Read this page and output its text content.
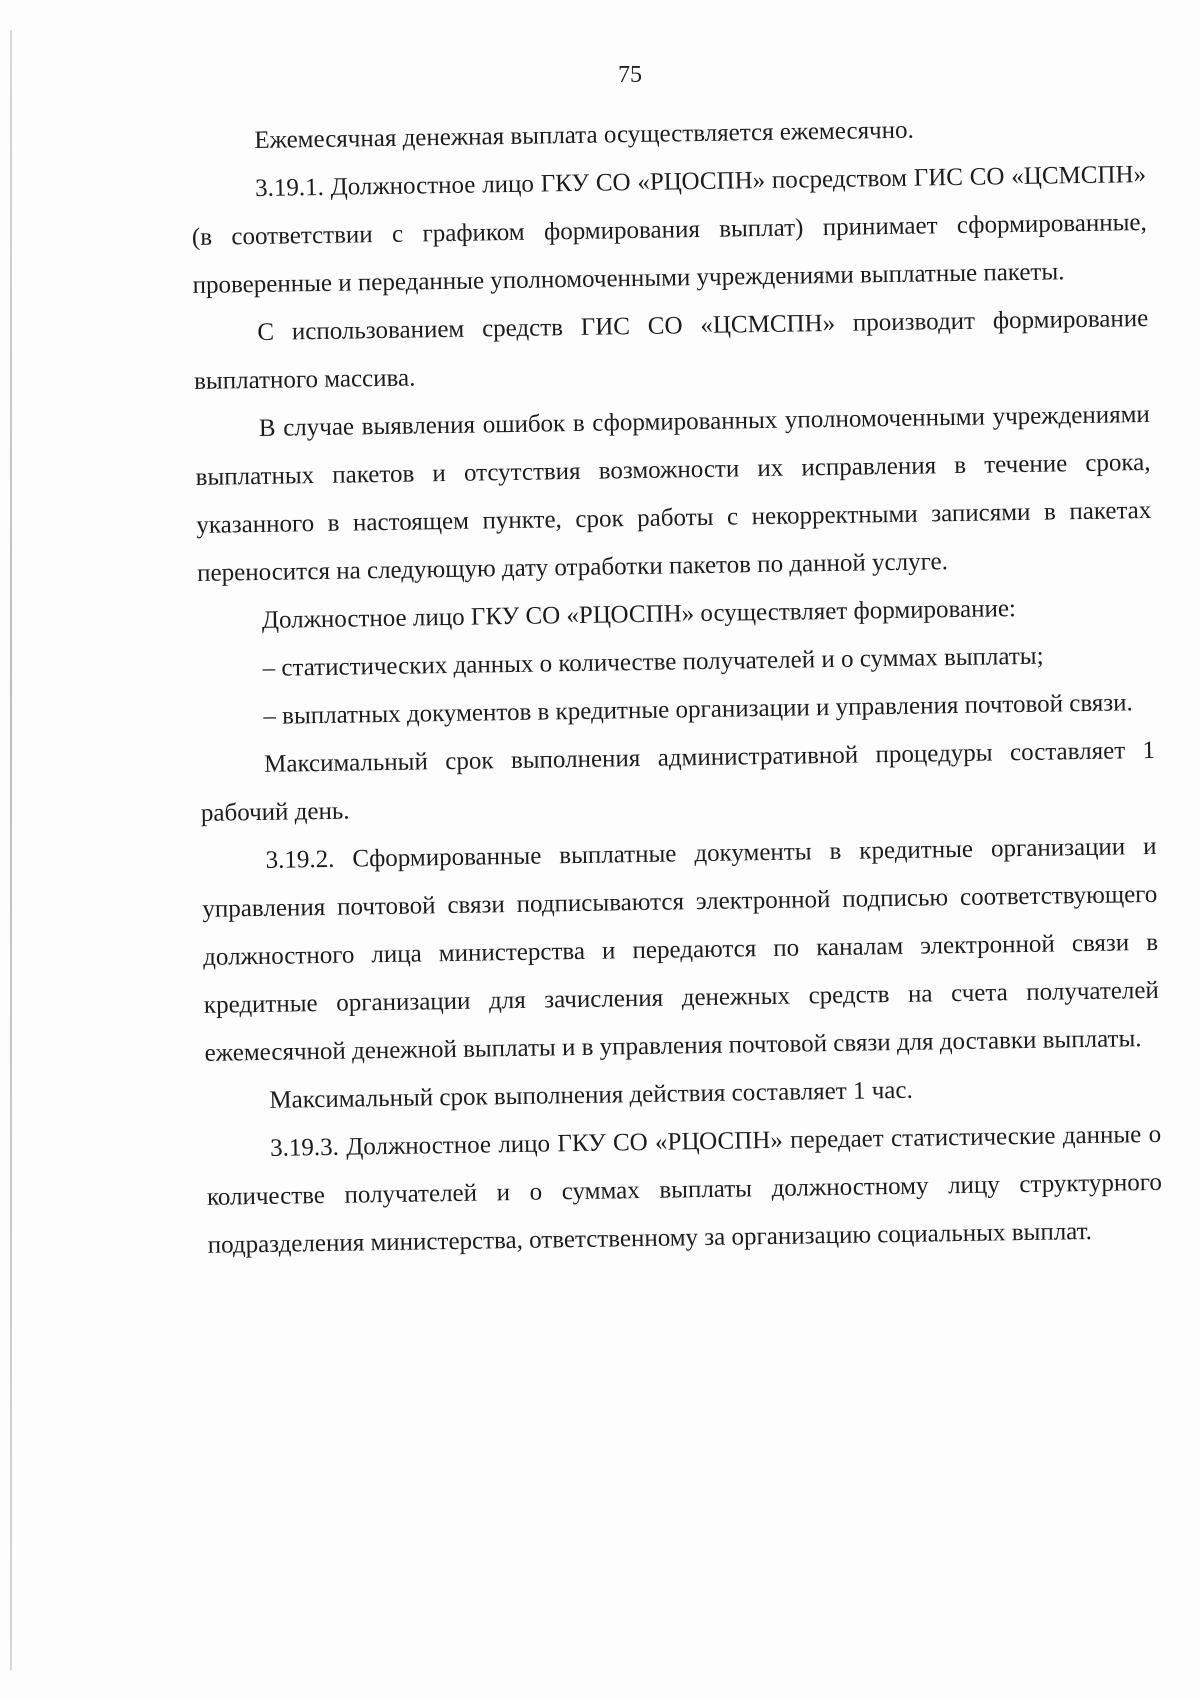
75

Ежемесячная денежная выплата осуществляется ежемесячно.

3.19.1. Должностное лицо ГКУ СО «РЦОСПН» посредством ГИС СО «ЦСМСПН» (в соответствии с графиком формирования выплат) принимает сформированные, проверенные и переданные уполномоченными учреждениями выплатные пакеты.

С использованием средств ГИС СО «ЦСМСПН» производит формирование выплатного массива.

В случае выявления ошибок в сформированных уполномоченными учреждениями выплатных пакетов и отсутствия возможности их исправления в течение срока, указанного в настоящем пункте, срок работы с некорректными записями в пакетах переносится на следующую дату отработки пакетов по данной услуге.

Должностное лицо ГКУ СО «РЦОСПН» осуществляет формирование:

– статистических данных о количестве получателей и о суммах выплаты;

– выплатных документов в кредитные организации и управления почтовой связи.

Максимальный срок выполнения административной процедуры составляет 1 рабочий день.

3.19.2. Сформированные выплатные документы в кредитные организации и управления почтовой связи подписываются электронной подписью соответствующего должностного лица министерства и передаются по каналам электронной связи в кредитные организации для зачисления денежных средств на счета получателей ежемесячной денежной выплаты и в управления почтовой связи для доставки выплаты.

Максимальный срок выполнения действия составляет 1 час.

3.19.3. Должностное лицо ГКУ СО «РЦОСПН» передает статистические данные о количестве получателей и о суммах выплаты должностному лицу структурного подразделения министерства, ответственному за организацию социальных выплат.
